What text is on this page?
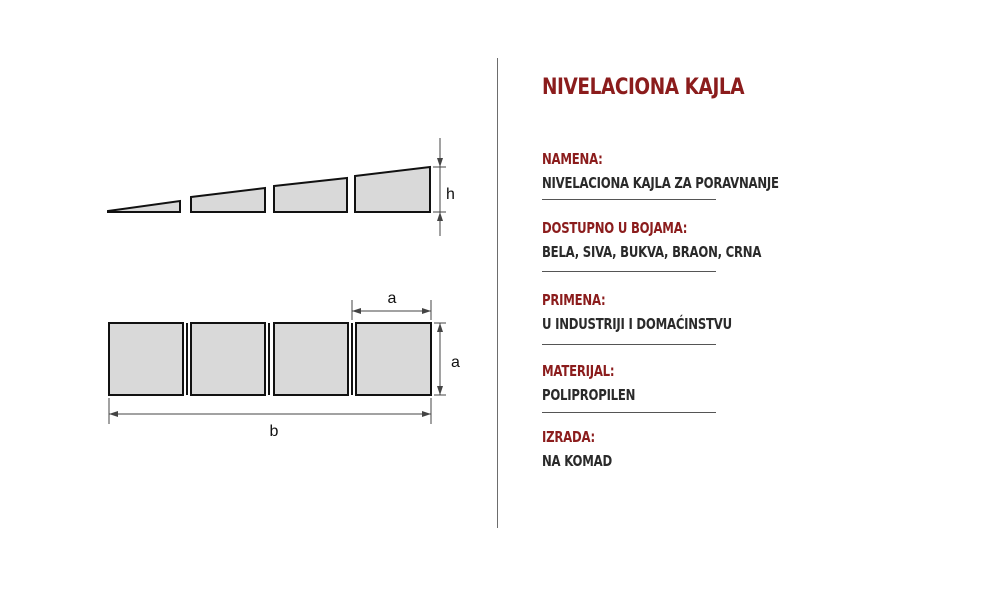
h
a
a
b
NIVELACIONA KAJLA
NAMENA:
NIVELACIONA KAJLA ZA PORAVNANJE
DOSTUPNO U BOJAMA:
BELA, SIVA, BUKVA, BRAON, CRNA
PRIMENA:
U INDUSTRIJI I DOMAĆINSTVU
MATERIJAL:
POLIPROPILEN
IZRADA:
NA KOMAD
